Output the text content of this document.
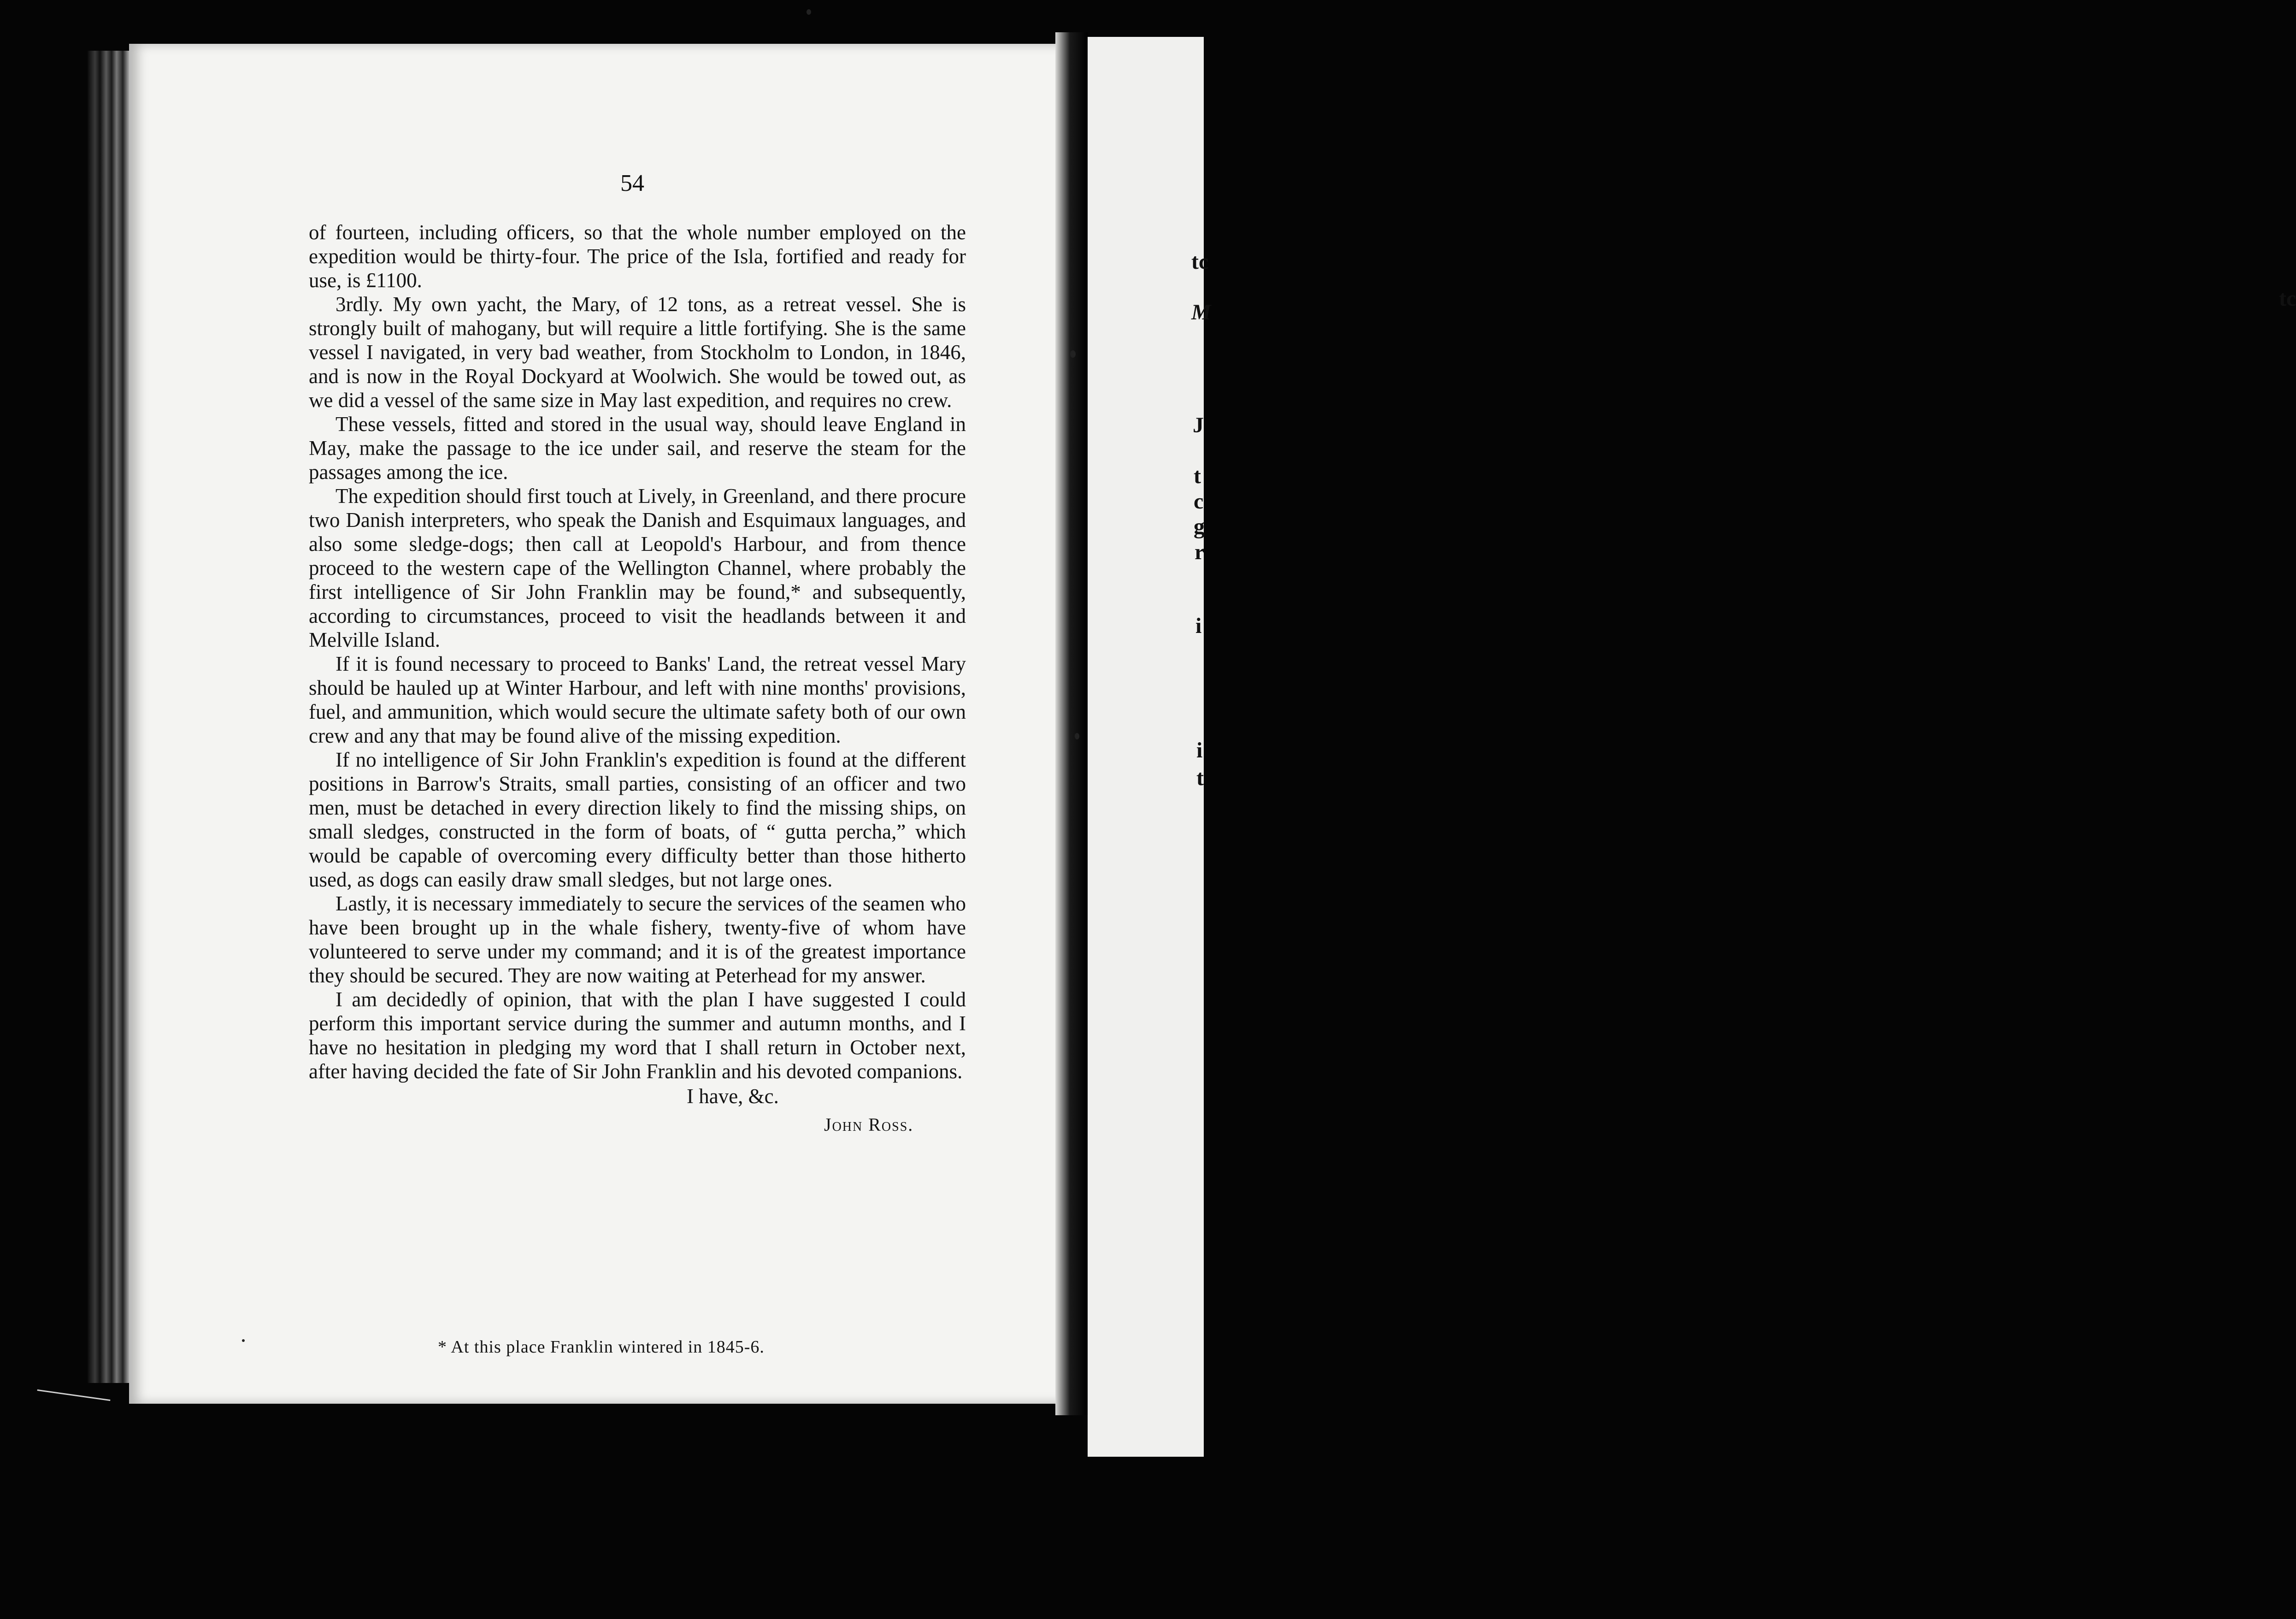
tc
tc
M
J
t
c
g
r
i
i
t
54

of fourteen, including officers, so that the whole number employed on the expedition would be thirty-four. The price of the Isla, fortified and ready for use, is £1100.

3rdly. My own yacht, the Mary, of 12 tons, as a retreat vessel. She is strongly built of mahogany, but will require a little fortifying. She is the same vessel I navigated, in very bad weather, from Stockholm to London, in 1846, and is now in the Royal Dockyard at Woolwich. She would be towed out, as we did a vessel of the same size in May last expedition, and requires no crew.

These vessels, fitted and stored in the usual way, should leave England in May, make the passage to the ice under sail, and reserve the steam for the passages among the ice.

The expedition should first touch at Lively, in Greenland, and there procure two Danish interpreters, who speak the Danish and Esquimaux languages, and also some sledge-dogs; then call at Leopold's Harbour, and from thence proceed to the western cape of the Wellington Channel, where probably the first intelligence of Sir John Franklin may be found,* and subsequently, according to circumstances, proceed to visit the headlands between it and Melville Island.

If it is found necessary to proceed to Banks' Land, the retreat vessel Mary should be hauled up at Winter Harbour, and left with nine months' provisions, fuel, and ammunition, which would secure the ultimate safety both of our own crew and any that may be found alive of the missing expedition.

If no intelligence of Sir John Franklin's expedition is found at the different positions in Barrow's Straits, small parties, consisting of an officer and two men, must be detached in every direction likely to find the missing ships, on small sledges, constructed in the form of boats, of “ gutta percha,” which would be capable of overcoming every difficulty better than those hitherto used, as dogs can easily draw small sledges, but not large ones.

Lastly, it is necessary immediately to secure the services of the seamen who have been brought up in the whale fishery, twenty-five of whom have volunteered to serve under my command; and it is of the greatest importance they should be secured. They are now waiting at Peterhead for my answer.

I am decidedly of opinion, that with the plan I have suggested I could perform this important service during the summer and autumn months, and I have no hesitation in pledging my word that I shall return in October next, after having decided the fate of Sir John Franklin and his devoted companions.

I have, &c.

John Ross.

* At this place Franklin wintered in 1845-6.
